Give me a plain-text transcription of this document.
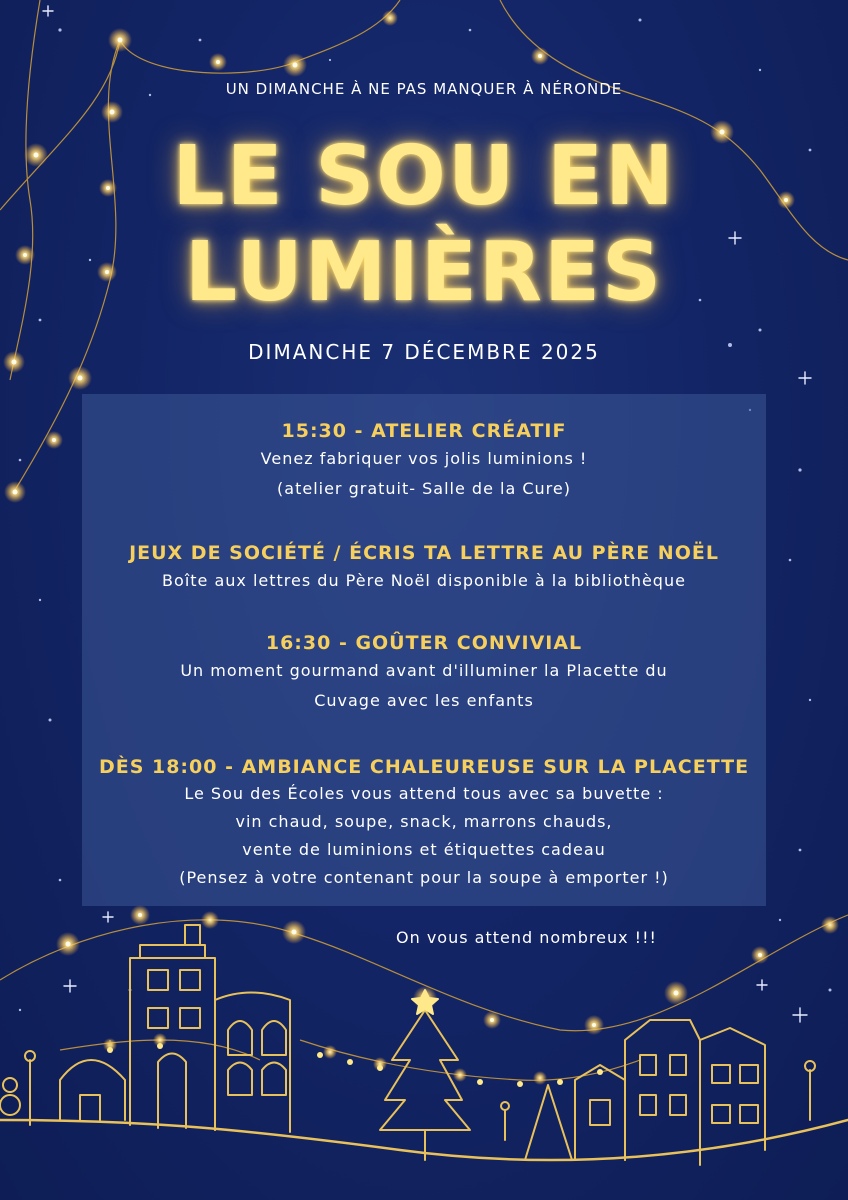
UN DIMANCHE À NE PAS MANQUER À NÉRONDE
LE SOU EN
LUMIÈRES
DIMANCHE 7 DÉCEMBRE 2025
15:30 - ATELIER CRÉATIF
Venez fabriquer vos jolis luminions !
(atelier gratuit- Salle de la Cure)
JEUX DE SOCIÉTÉ / ÉCRIS TA LETTRE AU PÈRE NOËL
Boîte aux lettres du Père Noël disponible à la bibliothèque
16:30 - GOÛTER CONVIVIAL
Un moment gourmand avant d'illuminer la Placette du
Cuvage avec les enfants
DÈS 18:00 - AMBIANCE CHALEUREUSE SUR LA PLACETTE
Le Sou des Écoles vous attend tous avec sa buvette :
vin chaud, soupe, snack, marrons chauds,
vente de luminions et étiquettes cadeau
(Pensez à votre contenant pour la soupe à emporter !)
On vous attend nombreux !!!
